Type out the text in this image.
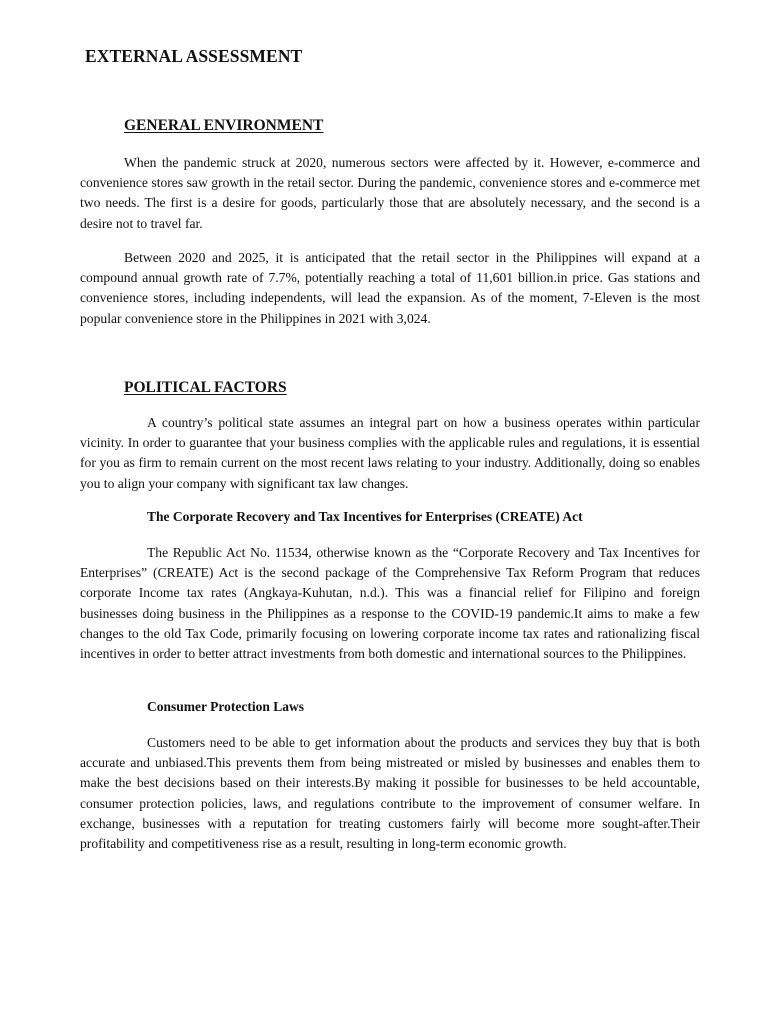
EXTERNAL ASSESSMENT
GENERAL ENVIRONMENT

When the pandemic struck at 2020, numerous sectors were affected by it. However, e-commerce and convenience stores saw growth in the retail sector. During the pandemic, convenience stores and e-commerce met two needs. The first is a desire for goods, particularly those that are absolutely necessary, and the second is a desire not to travel far.

Between 2020 and 2025, it is anticipated that the retail sector in the Philippines will expand at a compound annual growth rate of 7.7%, potentially reaching a total of 11,601 billion.in price. Gas stations and convenience stores, including independents, will lead the expansion. As of the moment, 7-Eleven is the most popular convenience store in the Philippines in 2021 with 3,024.

POLITICAL FACTORS

A country’s political state assumes an integral part on how a business operates within particular vicinity. In order to guarantee that your business complies with the applicable rules and regulations, it is essential for you as firm to remain current on the most recent laws relating to your industry. Additionally, doing so enables you to align your company with significant tax law changes.

The Corporate Recovery and Tax Incentives for Enterprises (CREATE) Act

The Republic Act No. 11534, otherwise known as the “Corporate Recovery and Tax Incentives for Enterprises” (CREATE) Act is the second package of the Comprehensive Tax Reform Program that reduces corporate Income tax rates (Angkaya-Kuhutan, n.d.). This was a financial relief for Filipino and foreign businesses doing business in the Philippines as a response to the COVID-19 pandemic.It aims to make a few changes to the old Tax Code, primarily focusing on lowering corporate income tax rates and rationalizing fiscal incentives in order to better attract investments from both domestic and international sources to the Philippines.

Consumer Protection Laws

Customers need to be able to get information about the products and services they buy that is both accurate and unbiased.This prevents them from being mistreated or misled by businesses and enables them to make the best decisions based on their interests.By making it possible for businesses to be held accountable, consumer protection policies, laws, and regulations contribute to the improvement of consumer welfare. In exchange, businesses with a reputation for treating customers fairly will become more sought-after.Their profitability and competitiveness rise as a result, resulting in long-term economic growth.
